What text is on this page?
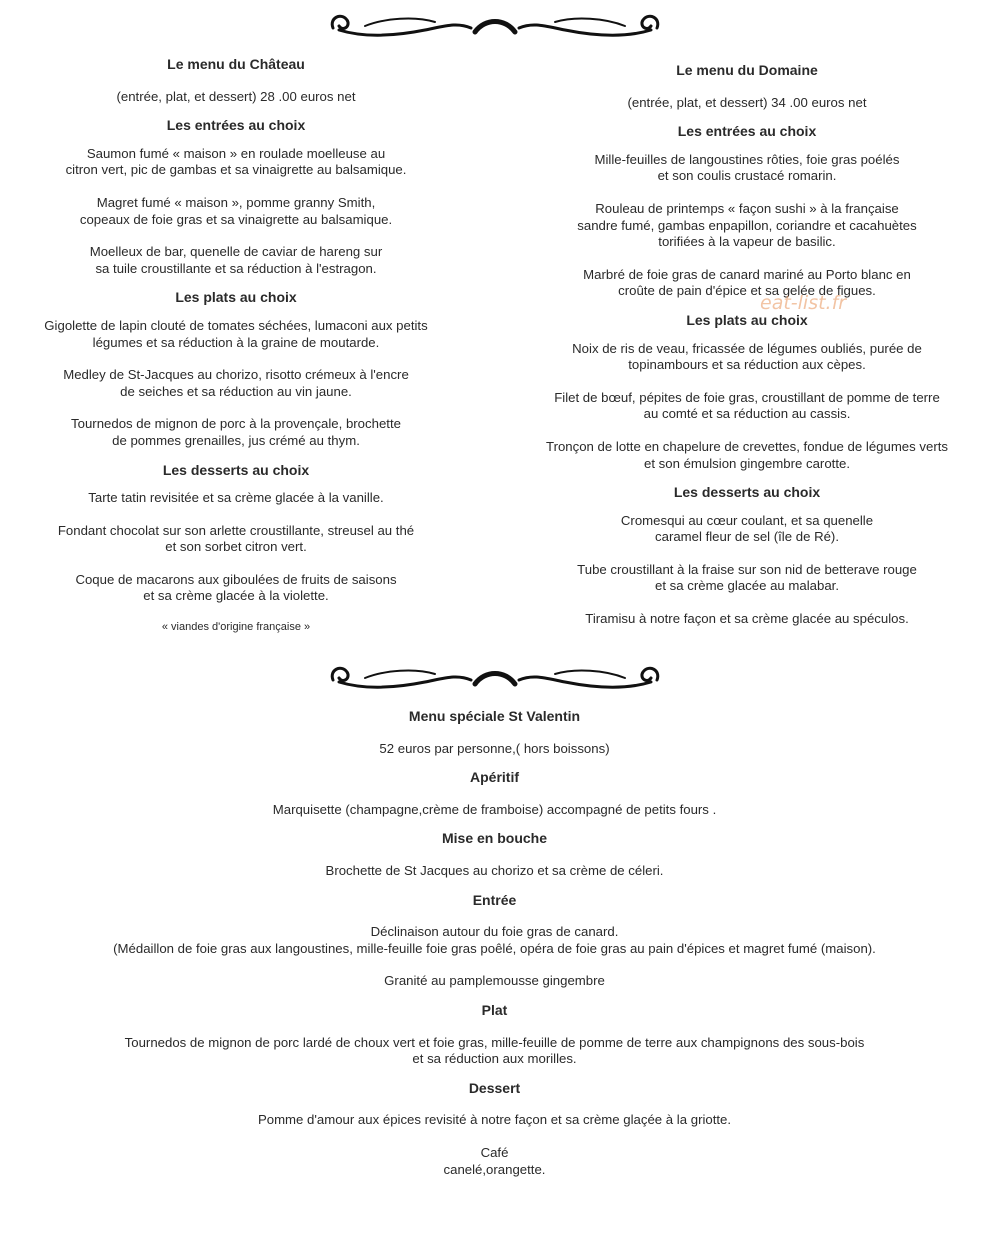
Le menu du Château

(entrée, plat, et dessert) 28 .00 euros net

Les entrées au choix

Saumon fumé « maison » en roulade moelleuse au

citron vert, pic de gambas et sa vinaigrette au balsamique.

Magret fumé « maison », pomme granny Smith,

copeaux de foie gras et sa vinaigrette au balsamique.

Moelleux de bar, quenelle de caviar de hareng sur

sa tuile croustillante et sa réduction à l'estragon.

Les plats au choix

Gigolette de lapin clouté de tomates séchées, lumaconi aux petits

légumes et sa réduction à la graine de moutarde.

Medley de St-Jacques au chorizo, risotto crémeux à l'encre

de seiches et sa réduction au vin jaune.

Tournedos de mignon de porc à la provençale, brochette

de pommes grenailles, jus crémé au thym.

Les desserts au choix

Tarte tatin revisitée et sa crème glacée à la vanille.

Fondant chocolat sur son arlette croustillante, streusel au thé

et son sorbet citron vert.

Coque de macarons aux giboulées de fruits de saisons

et sa crème glacée à la violette.

« viandes d'origine française »

Le menu du Domaine

(entrée, plat, et dessert) 34 .00 euros net

Les entrées au choix

Mille-feuilles de langoustines rôties, foie gras poélés

et son coulis crustacé romarin.

Rouleau de printemps « façon sushi » à la française

sandre fumé, gambas enpapillon, coriandre et cacahuètes

torifiées à la vapeur de basilic.

Marbré de foie gras de canard mariné au Porto blanc en

croûte de pain d'épice et sa gelée de figues.

Les plats au choix

Noix de ris de veau, fricassée de légumes oubliés, purée de

topinambours et sa réduction aux cèpes.

Filet de bœuf, pépites de foie gras, croustillant de pomme de terre

au comté et sa réduction au cassis.

Tronçon de lotte en chapelure de crevettes, fondue de légumes verts

et son émulsion gingembre carotte.

Les desserts au choix

Cromesqui au cœur coulant, et sa quenelle

caramel fleur de sel (île de Ré).

Tube croustillant à la fraise sur son nid de betterave rouge

et sa crème glacée au malabar.

Tiramisu à notre façon et sa crème glacée au spéculos.

eat-list.fr

Menu spéciale St Valentin

52 euros par personne,( hors boissons)

Apéritif

Marquisette (champagne,crème de framboise) accompagné de petits fours .

Mise en bouche

Brochette de St Jacques au chorizo et sa crème de céleri.

Entrée

Déclinaison autour du foie gras de canard.

(Médaillon de foie gras aux langoustines, mille-feuille foie gras poêlé, opéra de foie gras au pain d'épices et magret fumé (maison).

Granité au pamplemousse gingembre

Plat

Tournedos de mignon de porc lardé de choux vert et foie gras, mille-feuille de pomme de terre aux champignons des sous-bois

et sa réduction aux morilles.

Dessert

Pomme d'amour aux épices revisité à notre façon et sa crème glaçée à la griotte.

Café

canelé,orangette.
